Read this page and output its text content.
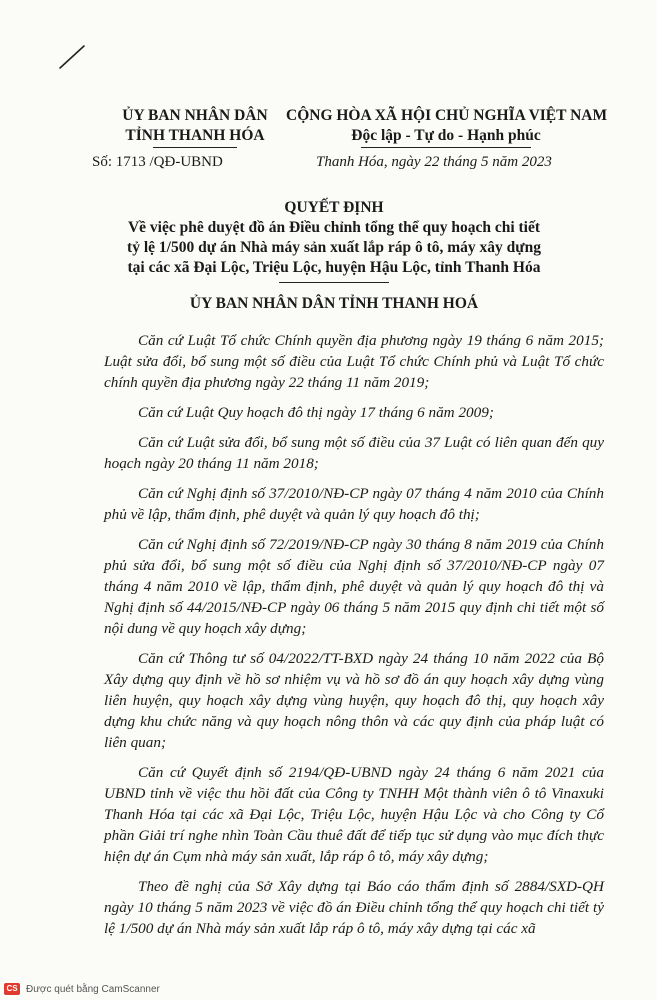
ỦY BAN NHÂN DÂN
TỈNH THANH HÓA
CỘNG HÒA XÃ HỘI CHỦ NGHĨA VIỆT NAM
Độc lập - Tự do - Hạnh phúc
Số: 1713 /QĐ-UBND	Thanh Hóa, ngày 22 tháng 5 năm 2023
QUYẾT ĐỊNH
Về việc phê duyệt đồ án Điều chỉnh tổng thể quy hoạch chi tiết
tỷ lệ 1/500 dự án Nhà máy sản xuất lắp ráp ô tô, máy xây dựng
tại các xã Đại Lộc, Triệu Lộc, huyện Hậu Lộc, tỉnh Thanh Hóa
ỦY BAN NHÂN DÂN TỈNH THANH HOÁ

Căn cứ Luật Tổ chức Chính quyền địa phương ngày 19 tháng 6 năm 2015; Luật sửa đổi, bổ sung một số điều của Luật Tổ chức Chính phủ và Luật Tổ chức chính quyền địa phương ngày 22 tháng 11 năm 2019;

Căn cứ Luật Quy hoạch đô thị ngày 17 tháng 6 năm 2009;

Căn cứ Luật sửa đổi, bổ sung một số điều của 37 Luật có liên quan đến quy hoạch ngày 20 tháng 11 năm 2018;

Căn cứ Nghị định số 37/2010/NĐ-CP ngày 07 tháng 4 năm 2010 của Chính phủ về lập, thẩm định, phê duyệt và quản lý quy hoạch đô thị;

Căn cứ Nghị định số 72/2019/NĐ-CP ngày 30 tháng 8 năm 2019 của Chính phủ sửa đổi, bổ sung một số điều của Nghị định số 37/2010/NĐ-CP ngày 07 tháng 4 năm 2010 về lập, thẩm định, phê duyệt và quản lý quy hoạch đô thị và Nghị định số 44/2015/NĐ-CP ngày 06 tháng 5 năm 2015 quy định chi tiết một số nội dung về quy hoạch xây dựng;

Căn cứ Thông tư số 04/2022/TT-BXD ngày 24 tháng 10 năm 2022 của Bộ Xây dựng quy định về hồ sơ nhiệm vụ và hồ sơ đồ án quy hoạch xây dựng vùng liên huyện, quy hoạch xây dựng vùng huyện, quy hoạch đô thị, quy hoạch xây dựng khu chức năng và quy hoạch nông thôn và các quy định của pháp luật có liên quan;

Căn cứ Quyết định số 2194/QĐ-UBND ngày 24 tháng 6 năm 2021 của UBND tỉnh về việc thu hồi đất của Công ty TNHH Một thành viên ô tô Vinaxuki Thanh Hóa tại các xã Đại Lộc, Triệu Lộc, huyện Hậu Lộc và cho Công ty Cổ phần Giải trí nghe nhìn Toàn Cầu thuê đất để tiếp tục sử dụng vào mục đích thực hiện dự án Cụm nhà máy sản xuất, lắp ráp ô tô, máy xây dựng;

Theo đề nghị của Sở Xây dựng tại Báo cáo thẩm định số 2884/SXD-QH ngày 10 tháng 5 năm 2023 về việc đồ án Điều chỉnh tổng thể quy hoạch chi tiết tỷ lệ 1/500 dự án Nhà máy sản xuất lắp ráp ô tô, máy xây dựng tại các xã

CS Được quét bằng CamScanner
